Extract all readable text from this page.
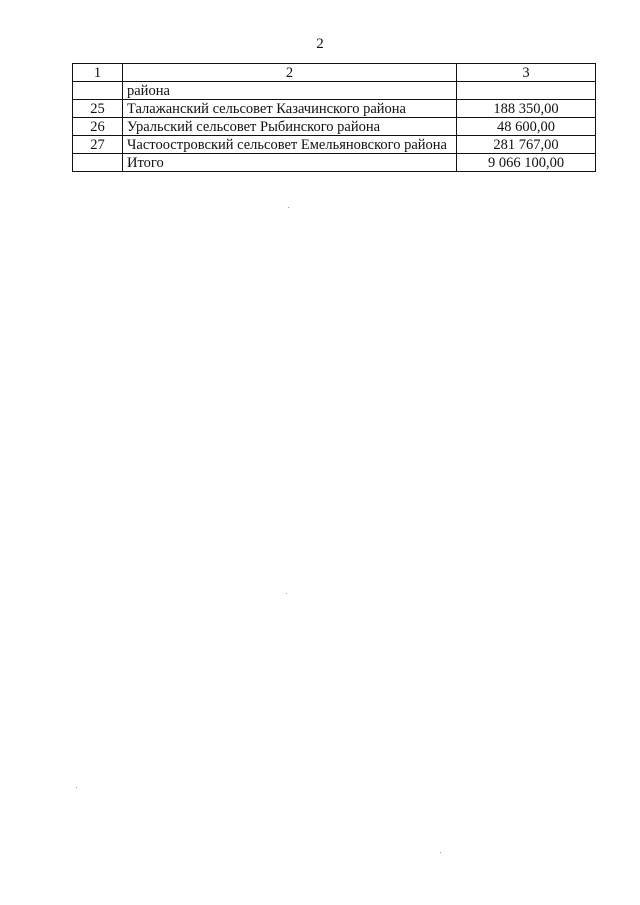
2
1	2	3
	района	
25	Талажанский сельсовет Казачинского района	188 350,00
26	Уральский сельсовет Рыбинского района	48 600,00
27	Частоостровский сельсовет Емельяновского района	281 767,00
	Итого	9 066 100,00
